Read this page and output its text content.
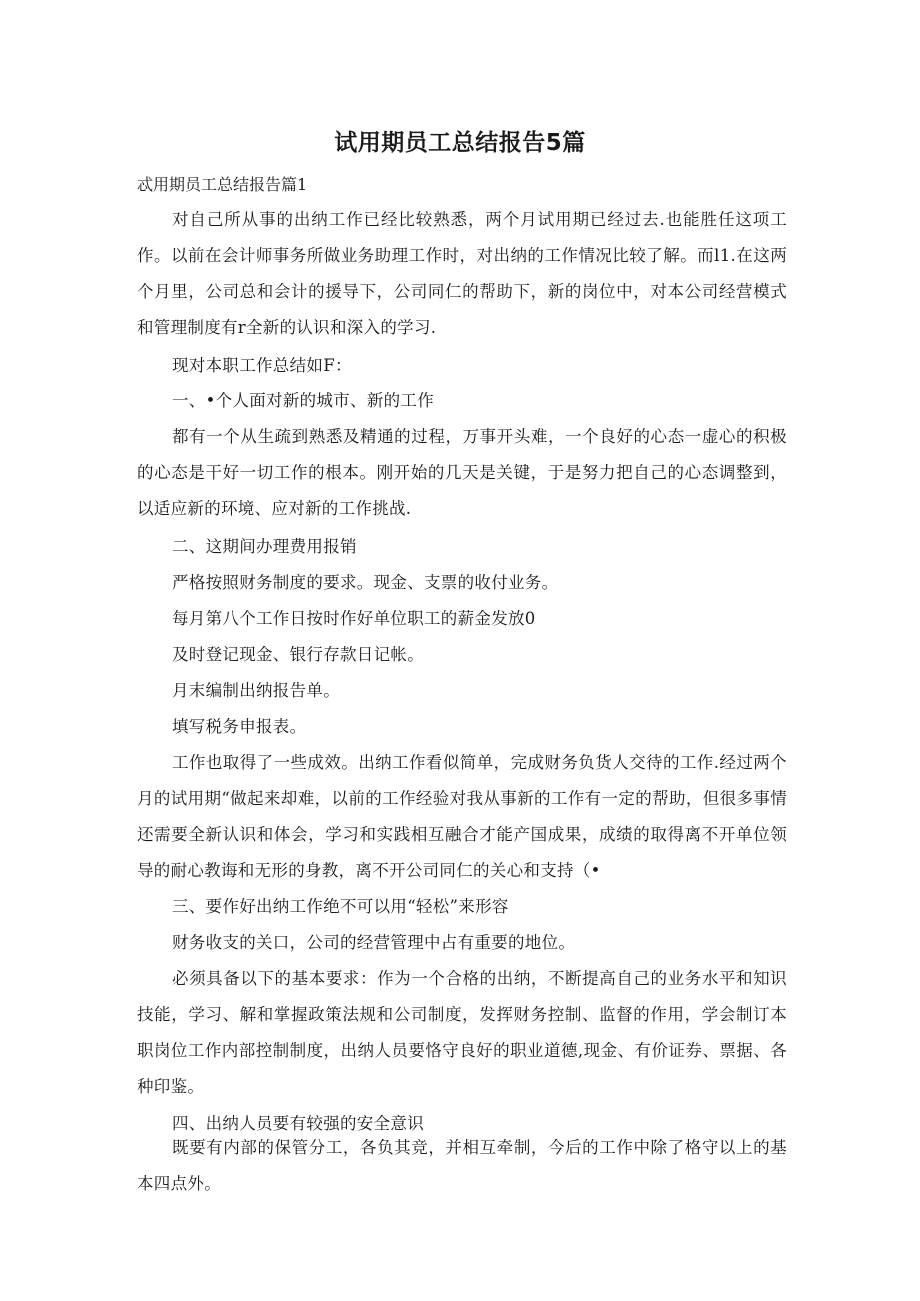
试用期员工总结报告5篇
忒用期员工总结报告篇1
对自己所从事的出纳工作已经比较熟悉，两个月试用期已经过去.也能胜任这项工作。以前在会计师事务所做业务助理工作时，对出纳的工作情况比较了解。而l1.在这两个月里，公司总和会计的援导下，公司同仁的帮助下，新的岗位中，对本公司经营模式和管理制度有r全新的认识和深入的学习.
现对本职工作总结如F：
一、•个人面对新的城市、新的工作
都有一个从生疏到熟悉及精通的过程，万事开头难，一个良好的心态一虚心的积极的心态是干好一切工作的根本。刚开始的几天是关键，于是努力把自己的心态调整到，以适应新的环境、应对新的工作挑战.
二、这期间办理费用报销
严格按照财务制度的要求。现金、支票的收付业务。
每月第八个工作日按时作好单位职工的薪金发放0
及时登记现金、银行存款日记帐。
月末编制出纳报告单。
填写税务申报表。
工作也取得了一些成效。出纳工作看似简单，完成财务负货人交待的工作.经过两个月的试用期“做起来却难，以前的工作经验对我从事新的工作有一定的帮助，但很多事情还需要全新认识和体会，学习和实践相互融合才能产国成果，成绩的取得离不开单位领导的耐心教诲和无形的身教，离不开公司同仁的关心和支持（•
三、要作好出纳工作绝不可以用“轻松”来形容
财务收支的关口，公司的经营管理中占有重要的地位。
必须具备以下的基本要求：作为一个合格的出纳，不断提高自己的业务水平和知识技能，学习、解和掌握政策法规和公司制度，发挥财务控制、监督的作用，学会制订本职岗位工作内部控制制度，出纳人员要恪守良好的职业道德,现金、有价证券、票据、各种印鉴。
四、出纳人员要有较强的安全意识
既要有内部的保管分工，各负其竞，并相互牵制，今后的工作中除了格守以上的基本四点外。
